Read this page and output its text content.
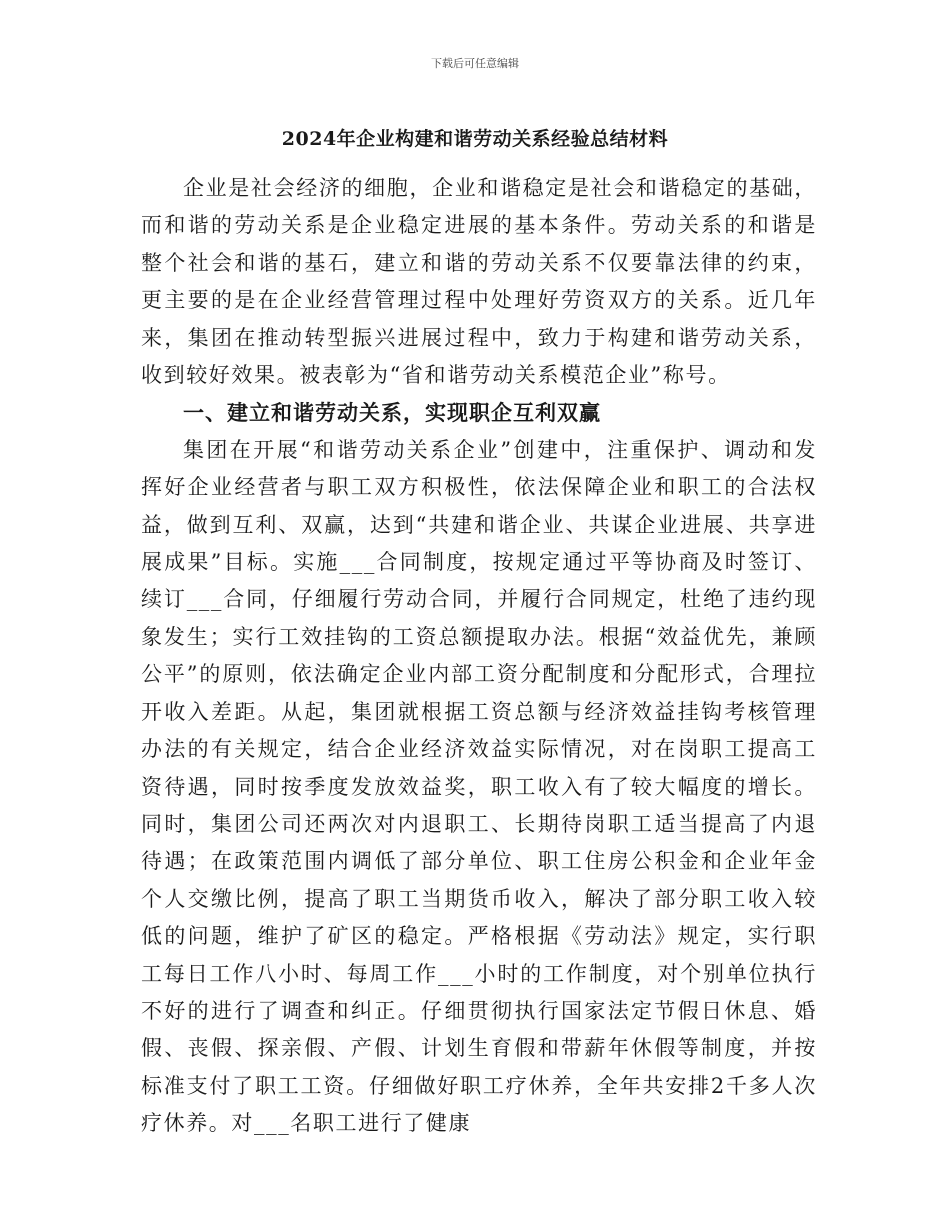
下载后可任意编辑
2024年企业构建和谐劳动关系经验总结材料

企业是社会经济的细胞，企业和谐稳定是社会和谐稳定的基础，而和谐的劳动关系是企业稳定进展的基本条件。劳动关系的和谐是整个社会和谐的基石，建立和谐的劳动关系不仅要靠法律的约束，更主要的是在企业经营管理过程中处理好劳资双方的关系。近几年来，集团在推动转型振兴进展过程中，致力于构建和谐劳动关系，收到较好效果。被表彰为“省和谐劳动关系模范企业”称号。

一、建立和谐劳动关系，实现职企互利双赢

集团在开展“和谐劳动关系企业”创建中，注重保护、调动和发挥好企业经营者与职工双方积极性，依法保障企业和职工的合法权益，做到互利、双赢，达到“共建和谐企业、共谋企业进展、共享进展成果”目标。实施___合同制度，按规定通过平等协商及时签订、续订___合同，仔细履行劳动合同，并履行合同规定，杜绝了违约现象发生；实行工效挂钩的工资总额提取办法。根据“效益优先，兼顾公平”的原则，依法确定企业内部工资分配制度和分配形式，合理拉开收入差距。从起，集团就根据工资总额与经济效益挂钩考核管理办法的有关规定，结合企业经济效益实际情况，对在岗职工提高工资待遇，同时按季度发放效益奖，职工收入有了较大幅度的增长。同时，集团公司还两次对内退职工、长期待岗职工适当提高了内退待遇；在政策范围内调低了部分单位、职工住房公积金和企业年金个人交缴比例，提高了职工当期货币收入，解决了部分职工收入较低的问题，维护了矿区的稳定。严格根据《劳动法》规定，实行职工每日工作八小时、每周工作___小时的工作制度，对个别单位执行不好的进行了调查和纠正。仔细贯彻执行国家法定节假日休息、婚假、丧假、探亲假、产假、计划生育假和带薪年休假等制度，并按标准支付了职工工资。仔细做好职工疗休养，全年共安排2千多人次疗休养。对___名职工进行了健康
